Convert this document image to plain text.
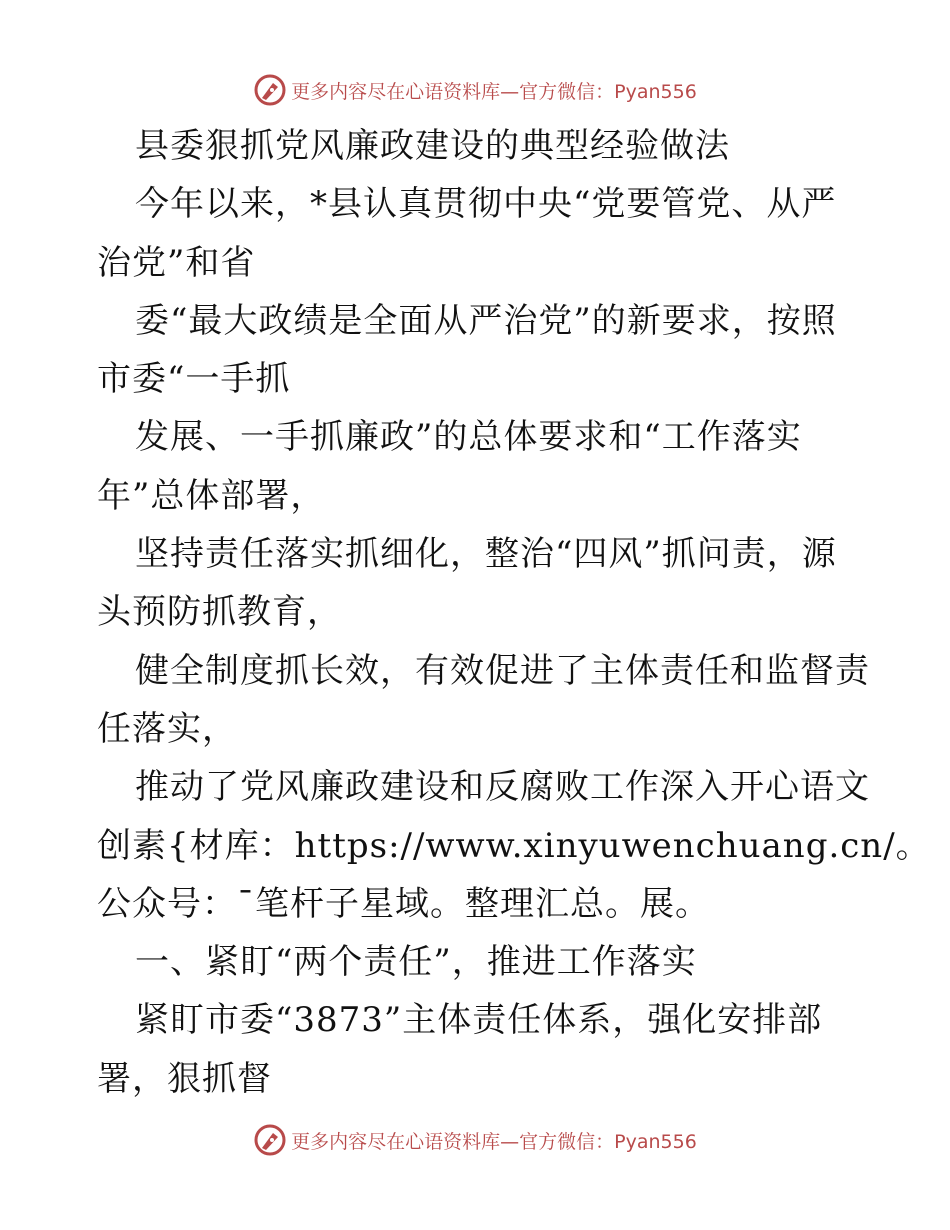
更多内容尽在心语资料库—官方微信：Pyan556
县委狠抓党风廉政建设的典型经验做法
今年以来，*县认真贯彻中央“党要管党、从严
治党”和省
委“最大政绩是全面从严治党”的新要求，按照
市委“一手抓
发展、一手抓廉政”的总体要求和“工作落实
年”总体部署，
坚持责任落实抓细化，整治“四风”抓问责，源
头预防抓教育，
健全制度抓长效，有效促进了主体责任和监督责
任落实，
推动了党风廉政建设和反腐败工作深入开心语文
创素{材库：https://www.xinyuwenchuang.cn/。
公众号：¯笔杆子星域。整理汇总。展。
一、紧盯“两个责任”，推进工作落实
紧盯市委“3873”主体责任体系，强化安排部
署，狠抓督
更多内容尽在心语资料库—官方微信：Pyan556
